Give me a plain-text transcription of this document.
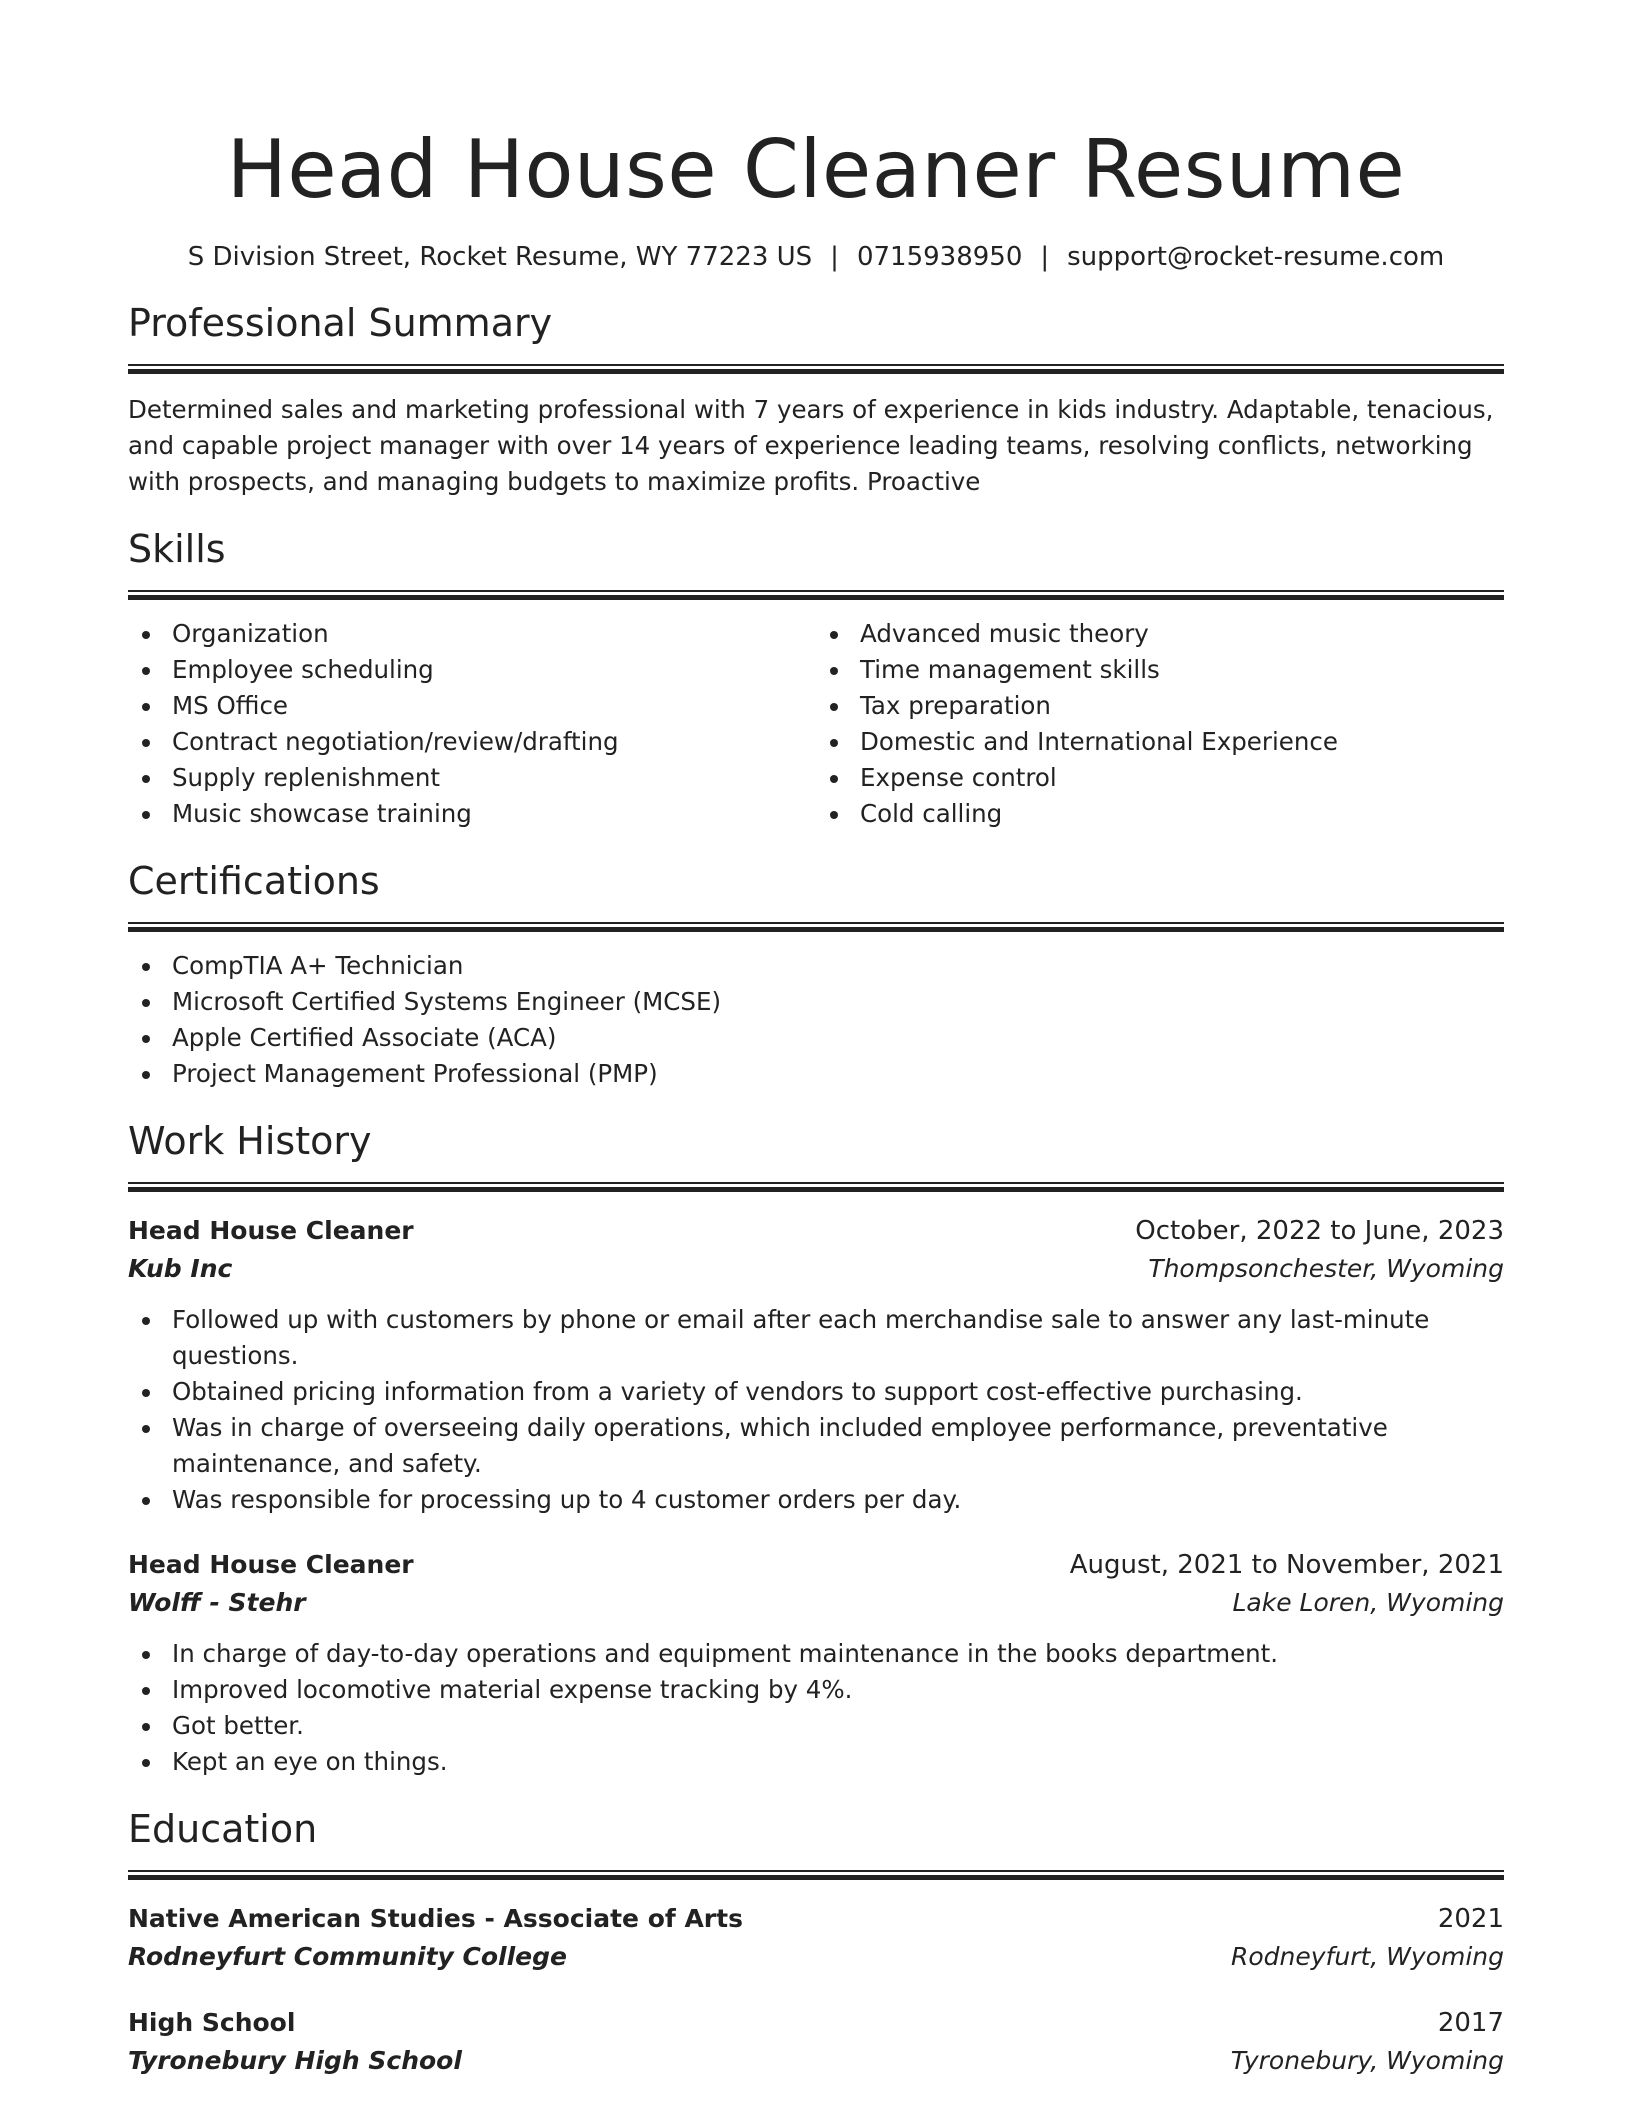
Head House Cleaner Resume
S Division Street, Rocket Resume, WY 77223 US | 0715938950 | support@rocket-resume.com
Professional Summary

Determined sales and marketing professional with 7 years of experience in kids industry. Adaptable, tenacious, and capable project manager with over 14 years of experience leading teams, resolving conflicts, networking with prospects, and managing budgets to maximize profits. Proactive

Skills
Organization
Employee scheduling
MS Office
Contract negotiation/review/drafting
Supply replenishment
Music showcase training
Advanced music theory
Time management skills
Tax preparation
Domestic and International Experience
Expense control
Cold calling
Certifications
CompTIA A+ Technician
Microsoft Certified Systems Engineer (MCSE)
Apple Certified Associate (ACA)
Project Management Professional (PMP)
Work History
Head House Cleaner	October, 2022 to June, 2023
Kub Inc	Thompsonchester, Wyoming
Followed up with customers by phone or email after each merchandise sale to answer any last-minute questions.
Obtained pricing information from a variety of vendors to support cost-effective purchasing.
Was in charge of overseeing daily operations, which included employee performance, preventative maintenance, and safety.
Was responsible for processing up to 4 customer orders per day.
Head House Cleaner	August, 2021 to November, 2021
Wolff - Stehr	Lake Loren, Wyoming
In charge of day-to-day operations and equipment maintenance in the books department.
Improved locomotive material expense tracking by 4%.
Got better.
Kept an eye on things.
Education
Native American Studies - Associate of Arts	2021
Rodneyfurt Community College	Rodneyfurt, Wyoming
High School	2017
Tyronebury High School	Tyronebury, Wyoming
